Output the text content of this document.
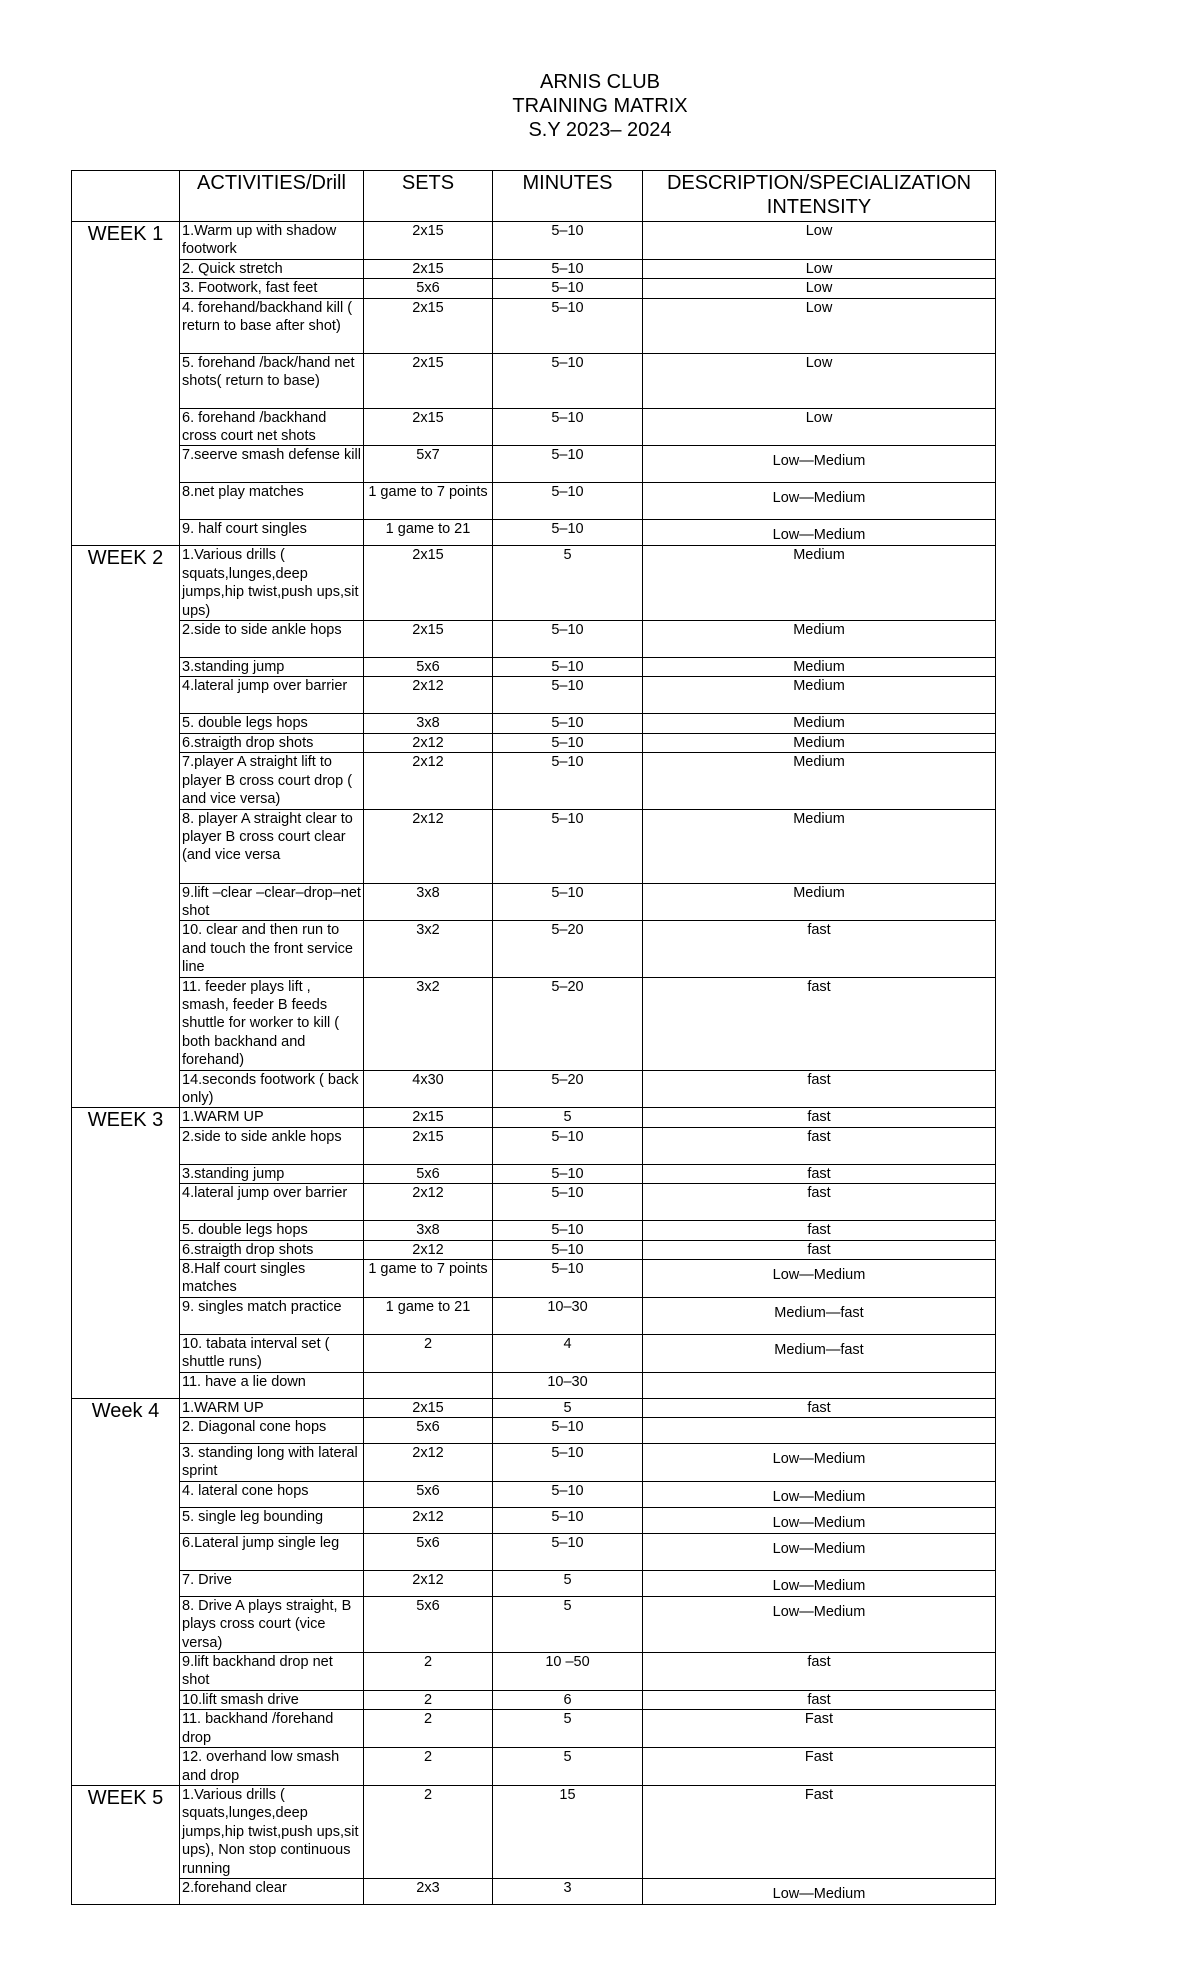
ARNIS CLUB
TRAINING MATRIX
S.Y 2023– 2024
	ACTIVITIES/Drill	SETS	MINUTES	DESCRIPTION/SPECIALIZATION INTENSITY
WEEK 1	1.Warm up with shadow footwork	2x15	5–10	Low
	2. Quick stretch	2x15	5–10	Low
	3. Footwork, fast feet	5x6	5–10	Low
	4. forehand/backhand kill ( return to base after shot)	2x15	5–10	Low
	5. forehand /back/hand net shots( return to base)	2x15	5–10	Low
	6. forehand /backhand cross court net shots	2x15	5–10	Low
	7.seerve smash defense kill	5x7	5–10	Low—Medium
	8.net play matches	1 game to 7 points	5–10	Low—Medium
	9. half court singles	1 game to 21	5–10	Low—Medium
WEEK 2	1.Various drills ( squats,lunges,deep jumps,hip twist,push ups,sit ups)	2x15	5	Medium
	2.side to side ankle hops	2x15	5–10	Medium
	3.standing jump	5x6	5–10	Medium
	4.lateral jump over barrier	2x12	5–10	Medium
	5. double legs hops	3x8	5–10	Medium
	6.straigth drop shots	2x12	5–10	Medium
	7.player A straight lift to player B cross court drop ( and vice versa)	2x12	5–10	Medium
	8. player A straight clear to player B cross court clear (and vice versa	2x12	5–10	Medium
	9.lift –clear –clear–drop–net shot	3x8	5–10	Medium
	10. clear and then run to and touch the front service line	3x2	5–20	fast
	11. feeder plays lift , smash, feeder B feeds shuttle for worker to kill ( both backhand and forehand)	3x2	5–20	fast
	14.seconds footwork ( back only)	4x30	5–20	fast
WEEK 3	1.WARM UP	2x15	5	fast
	2.side to side ankle hops	2x15	5–10	fast
	3.standing jump	5x6	5–10	fast
	4.lateral jump over barrier	2x12	5–10	fast
	5. double legs hops	3x8	5–10	fast
	6.straigth drop shots	2x12	5–10	fast
	8.Half court singles matches	1 game to 7 points	5–10	Low—Medium
	9. singles match practice	1 game to 21	10–30	Medium—fast
	10. tabata interval set ( shuttle runs)	2	4	Medium—fast
	11. have a lie down		10–30	
Week 4	1.WARM UP	2x15	5	fast
	2. Diagonal cone hops	5x6	5–10	
	3. standing long with lateral sprint	2x12	5–10	Low—Medium
	4. lateral cone hops	5x6	5–10	Low—Medium
	5. single leg bounding	2x12	5–10	Low—Medium
	6.Lateral jump single leg	5x6	5–10	Low—Medium
	7. Drive	2x12	5	Low—Medium
	8. Drive A plays straight, B plays cross court (vice versa)	5x6	5	Low—Medium
	9.lift backhand drop net shot	2	10 –50	fast
	10.lift smash drive	2	6	fast
	11. backhand /forehand drop	2	5	Fast
	12. overhand low smash and drop	2	5	Fast
WEEK 5	1.Various drills ( squats,lunges,deep jumps,hip twist,push ups,sit ups), Non stop continuous running	2	15	Fast
	2.forehand clear	2x3	3	Low—Medium
